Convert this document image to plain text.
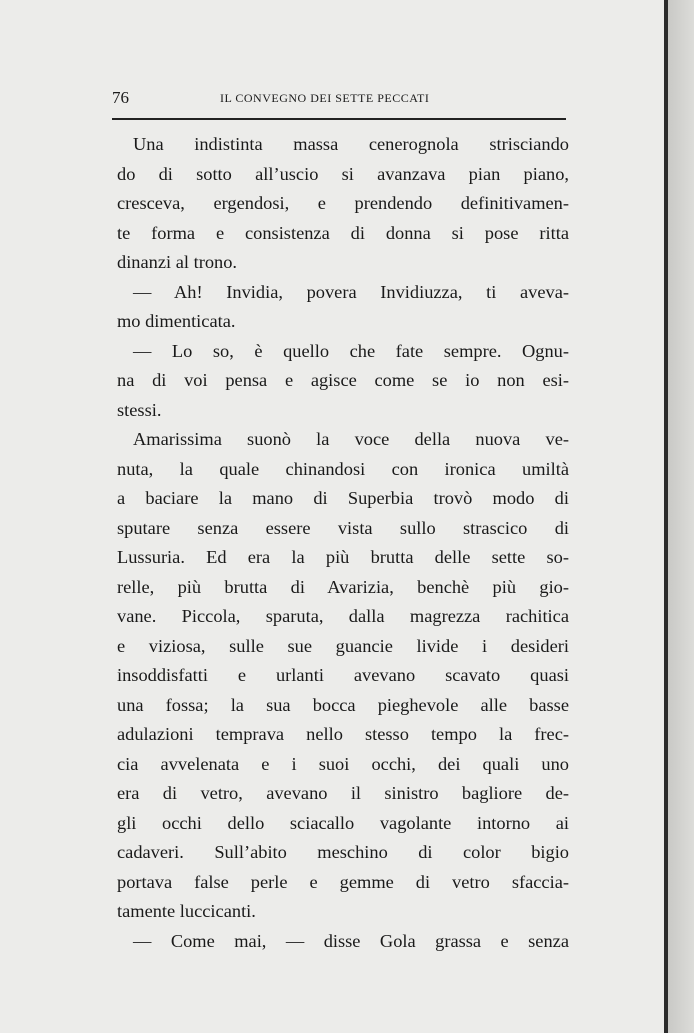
76	IL CONVEGNO DEI SETTE PECCATI
Una indistinta massa cenerognola strisciando
do di sotto all’uscio si avanzava pian piano,
cresceva, ergendosi, e prendendo definitivamen-
te forma e consistenza di donna si pose ritta
dinanzi al trono.
— Ah! Invidia, povera Invidiuzza, ti aveva-
mo dimenticata.
— Lo so, è quello che fate sempre. Ognu-
na di voi pensa e agisce come se io non esi-
stessi.
Amarissima suonò la voce della nuova ve-
nuta, la quale chinandosi con ironica umiltà
a baciare la mano di Superbia trovò modo di
sputare senza essere vista sullo strascico di
Lussuria. Ed era la più brutta delle sette so-
relle, più brutta di Avarizia, benchè più gio-
vane. Piccola, sparuta, dalla magrezza rachitica
e viziosa, sulle sue guancie livide i desideri
insoddisfatti e urlanti avevano scavato quasi
una fossa; la sua bocca pieghevole alle basse
adulazioni temprava nello stesso tempo la frec-
cia avvelenata e i suoi occhi, dei quali uno
era di vetro, avevano il sinistro bagliore de-
gli occhi dello sciacallo vagolante intorno ai
cadaveri. Sull’abito meschino di color bigio
portava false perle e gemme di vetro sfaccia-
tamente luccicanti.
— Come mai, — disse Gola grassa e senza
